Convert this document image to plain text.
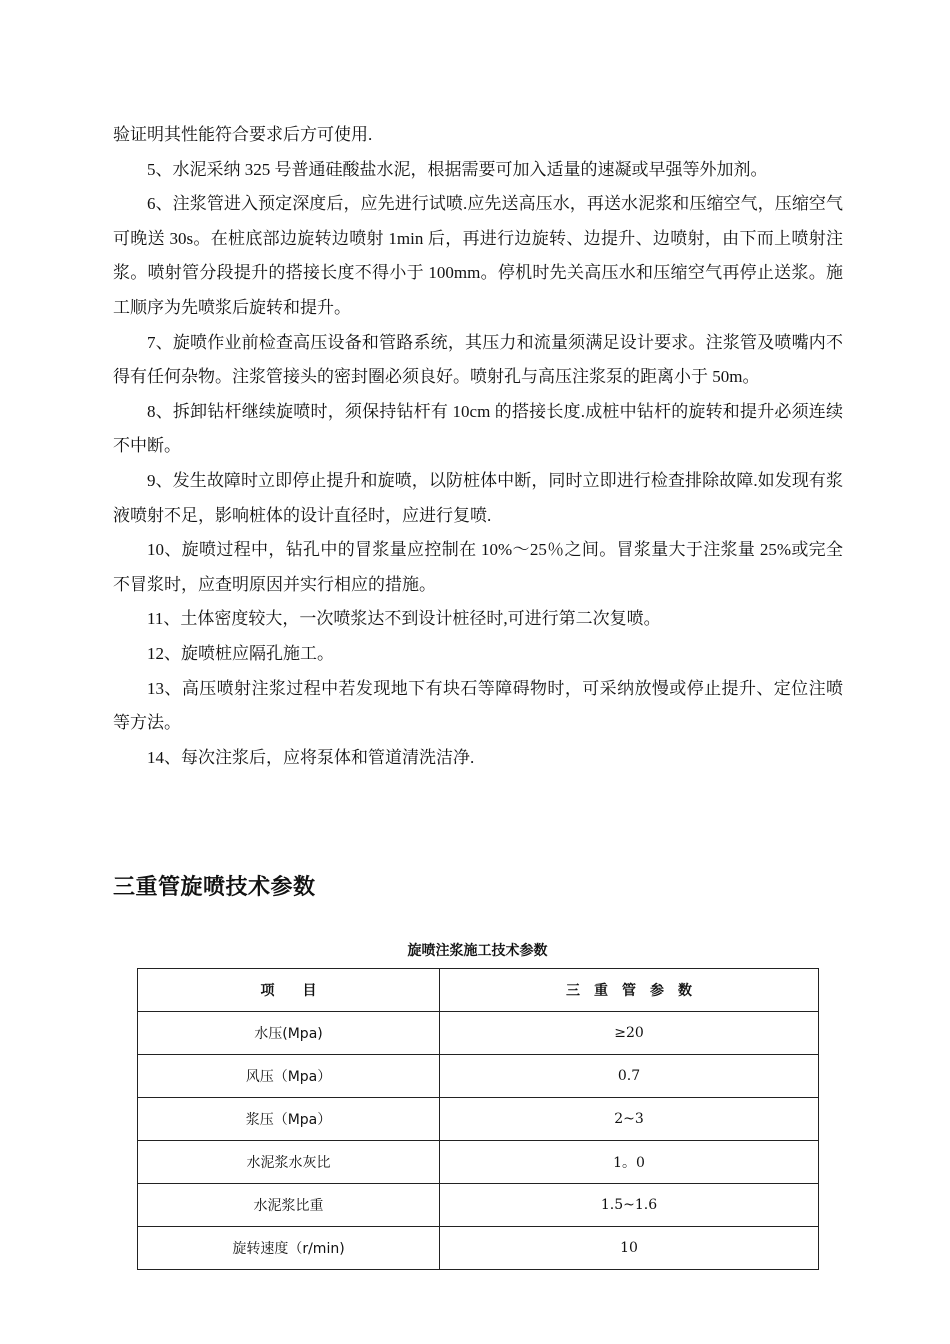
验证明其性能符合要求后方可使用.

5、水泥采纳 325 号普通硅酸盐水泥，根据需要可加入适量的速凝或早强等外加剂。

6、注浆管进入预定深度后，应先进行试喷.应先送高压水，再送水泥浆和压缩空气，压缩空气可晚送 30s。在桩底部边旋转边喷射 1min 后，再进行边旋转、边提升、边喷射，由下而上喷射注浆。喷射管分段提升的搭接长度不得小于 100mm。停机时先关高压水和压缩空气再停止送浆。施工顺序为先喷浆后旋转和提升。

7、旋喷作业前检查高压设备和管路系统，其压力和流量须满足设计要求。注浆管及喷嘴内不得有任何杂物。注浆管接头的密封圈必须良好。喷射孔与高压注浆泵的距离小于 50m。

8、拆卸钻杆继续旋喷时，须保持钻杆有 10cm 的搭接长度.成桩中钻杆的旋转和提升必须连续不中断。

9、发生故障时立即停止提升和旋喷，以防桩体中断，同时立即进行检查排除故障.如发现有浆液喷射不足，影响桩体的设计直径时，应进行复喷.

10、旋喷过程中，钻孔中的冒浆量应控制在 10%～25％之间。冒浆量大于注浆量 25%或完全不冒浆时，应查明原因并实行相应的措施。

11、土体密度较大，一次喷浆达不到设计桩径时,可进行第二次复喷。

12、旋喷桩应隔孔施工。

13、高压喷射注浆过程中若发现地下有块石等障碍物时，可采纳放慢或停止提升、定位注喷等方法。

14、每次注浆后，应将泵体和管道清洗洁净.

三重管旋喷技术参数

旋喷注浆施工技术参数

项　　目	三　重　管　参　数
水压(Mpa)	≥20
风压（Mpa）	0.7
浆压（Mpa）	2~3
水泥浆水灰比	1。0
水泥浆比重	1.5~1.6
旋转速度（r/min)	10
